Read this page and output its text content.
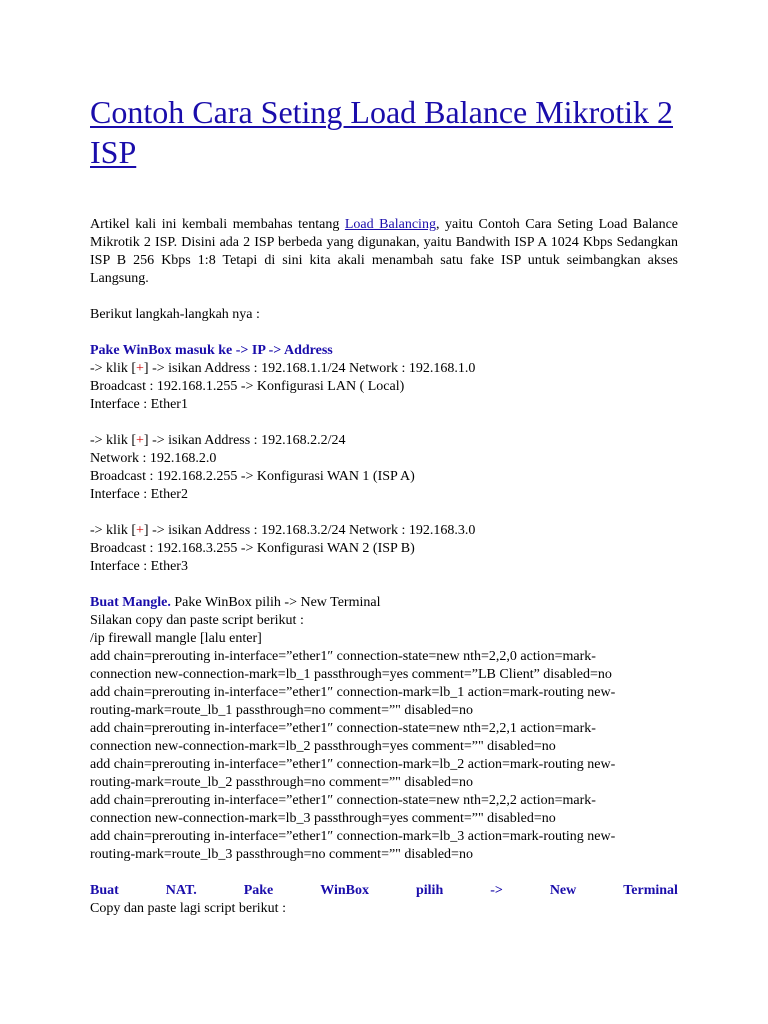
Contoh Cara Seting Load Balance Mikrotik 2 ISP

Artikel kali ini kembali membahas tentang Load Balancing, yaitu Contoh Cara Seting Load Balance Mikrotik 2 ISP. Disini ada 2 ISP berbeda yang digunakan, yaitu Bandwith ISP A 1024 Kbps Sedangkan ISP B 256 Kbps 1:8 Tetapi di sini kita akali menambah satu fake ISP untuk seimbangkan akses Langsung.

Berikut langkah-langkah nya :

Pake WinBox masuk ke -> IP -> Address

-> klik [+] -> isikan Address : 192.168.1.1/24 Network : 192.168.1.0

Broadcast : 192.168.1.255 -> Konfigurasi LAN ( Local)

Interface : Ether1

-> klik [+] -> isikan Address : 192.168.2.2/24

Network : 192.168.2.0

Broadcast : 192.168.2.255 -> Konfigurasi WAN 1 (ISP A)

Interface : Ether2

-> klik [+] -> isikan Address : 192.168.3.2/24 Network : 192.168.3.0

Broadcast : 192.168.3.255 -> Konfigurasi WAN 2 (ISP B)

Interface : Ether3

Buat Mangle. Pake WinBox pilih -> New Terminal

Silakan copy dan paste script berikut :

/ip firewall mangle [lalu enter]

add chain=prerouting in-interface=”ether1″ connection-state=new nth=2,2,0 action=mark-

connection new-connection-mark=lb_1 passthrough=yes comment=”LB Client” disabled=no

add chain=prerouting in-interface=”ether1″ connection-mark=lb_1 action=mark-routing new-

routing-mark=route_lb_1 passthrough=no comment=”" disabled=no

add chain=prerouting in-interface=”ether1″ connection-state=new nth=2,2,1 action=mark-

connection new-connection-mark=lb_2 passthrough=yes comment=”" disabled=no

add chain=prerouting in-interface=”ether1″ connection-mark=lb_2 action=mark-routing new-

routing-mark=route_lb_2 passthrough=no comment=”" disabled=no

add chain=prerouting in-interface=”ether1″ connection-state=new nth=2,2,2 action=mark-

connection new-connection-mark=lb_3 passthrough=yes comment=”" disabled=no

add chain=prerouting in-interface=”ether1″ connection-mark=lb_3 action=mark-routing new-

routing-mark=route_lb_3 passthrough=no comment=”" disabled=no

Buat	NAT.	Pake	WinBox	pilih	->	New	Terminal

Copy dan paste lagi script berikut :
